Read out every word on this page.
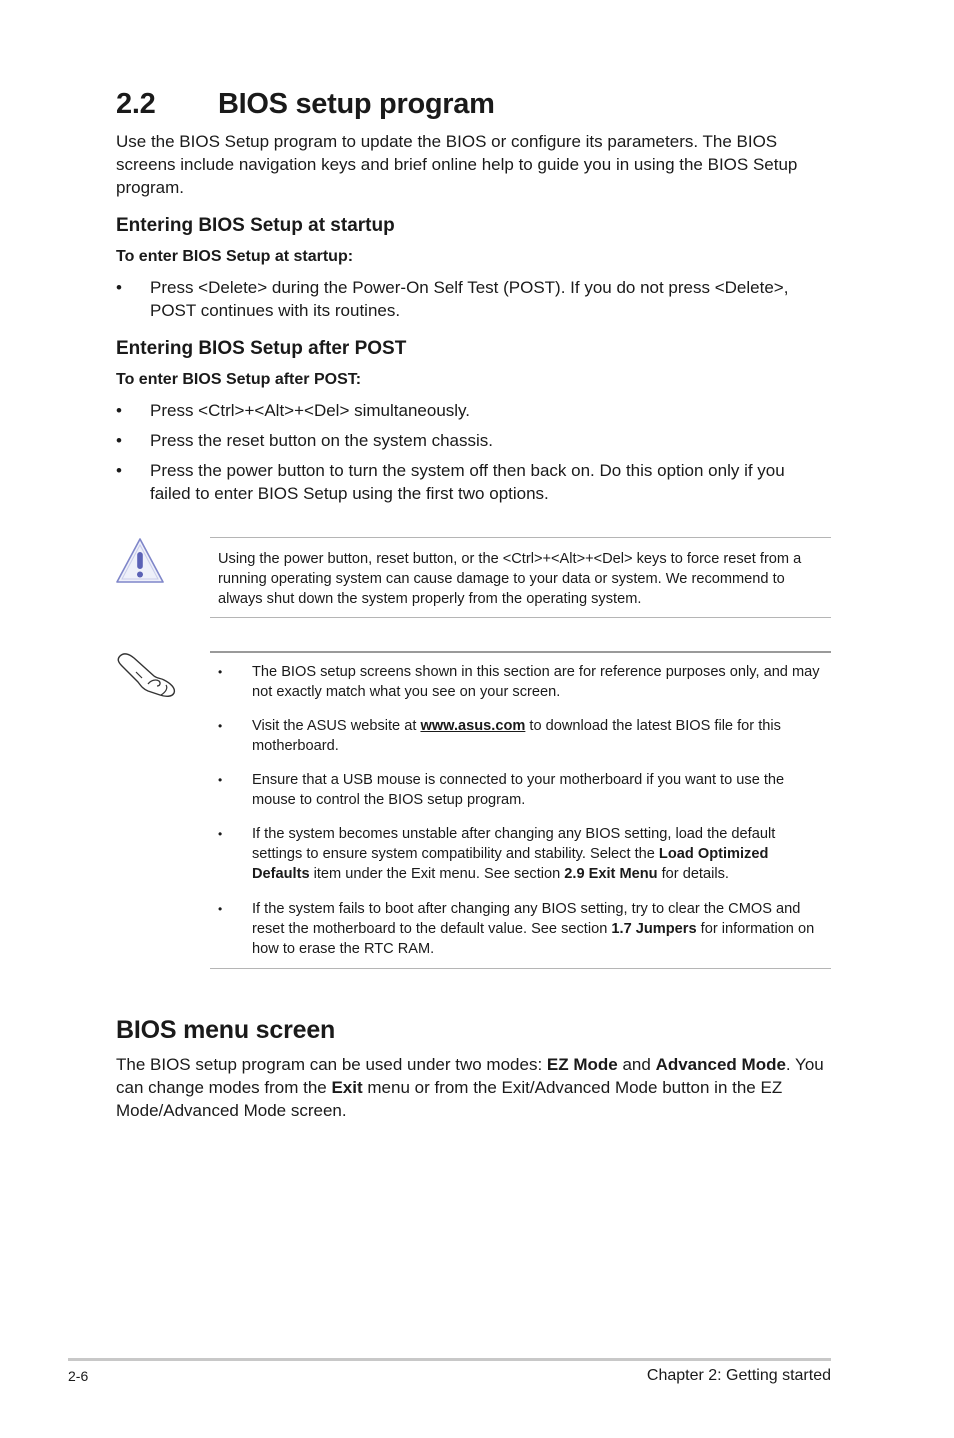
2.2 BIOS setup program
Use the BIOS Setup program to update the BIOS or configure its parameters. The BIOS screens include navigation keys and brief online help to guide you in using the BIOS Setup program.
Entering BIOS Setup at startup
To enter BIOS Setup at startup:
• Press <Delete> during the Power-On Self Test (POST). If you do not press <Delete>, POST continues with its routines.
Entering BIOS Setup after POST
To enter BIOS Setup after POST:
• Press <Ctrl>+<Alt>+<Del> simultaneously.
• Press the reset button on the system chassis.
• Press the power button to turn the system off then back on. Do this option only if you failed to enter BIOS Setup using the first two options.
Using the power button, reset button, or the <Ctrl>+<Alt>+<Del> keys to force reset from a running operating system can cause damage to your data or system. We recommend to always shut down the system properly from the operating system.
• The BIOS setup screens shown in this section are for reference purposes only, and may not exactly match what you see on your screen.
• Visit the ASUS website at www.asus.com to download the latest BIOS file for this motherboard.
• Ensure that a USB mouse is connected to your motherboard if you want to use the mouse to control the BIOS setup program.
• If the system becomes unstable after changing any BIOS setting, load the default settings to ensure system compatibility and stability. Select the Load Optimized Defaults item under the Exit menu. See section 2.9 Exit Menu for details.
• If the system fails to boot after changing any BIOS setting, try to clear the CMOS and reset the motherboard to the default value. See section 1.7 Jumpers for information on how to erase the RTC RAM.
BIOS menu screen
The BIOS setup program can be used under two modes: EZ Mode and Advanced Mode. You can change modes from the Exit menu or from the Exit/Advanced Mode button in the EZ Mode/Advanced Mode screen.
2-6	Chapter 2: Getting started
